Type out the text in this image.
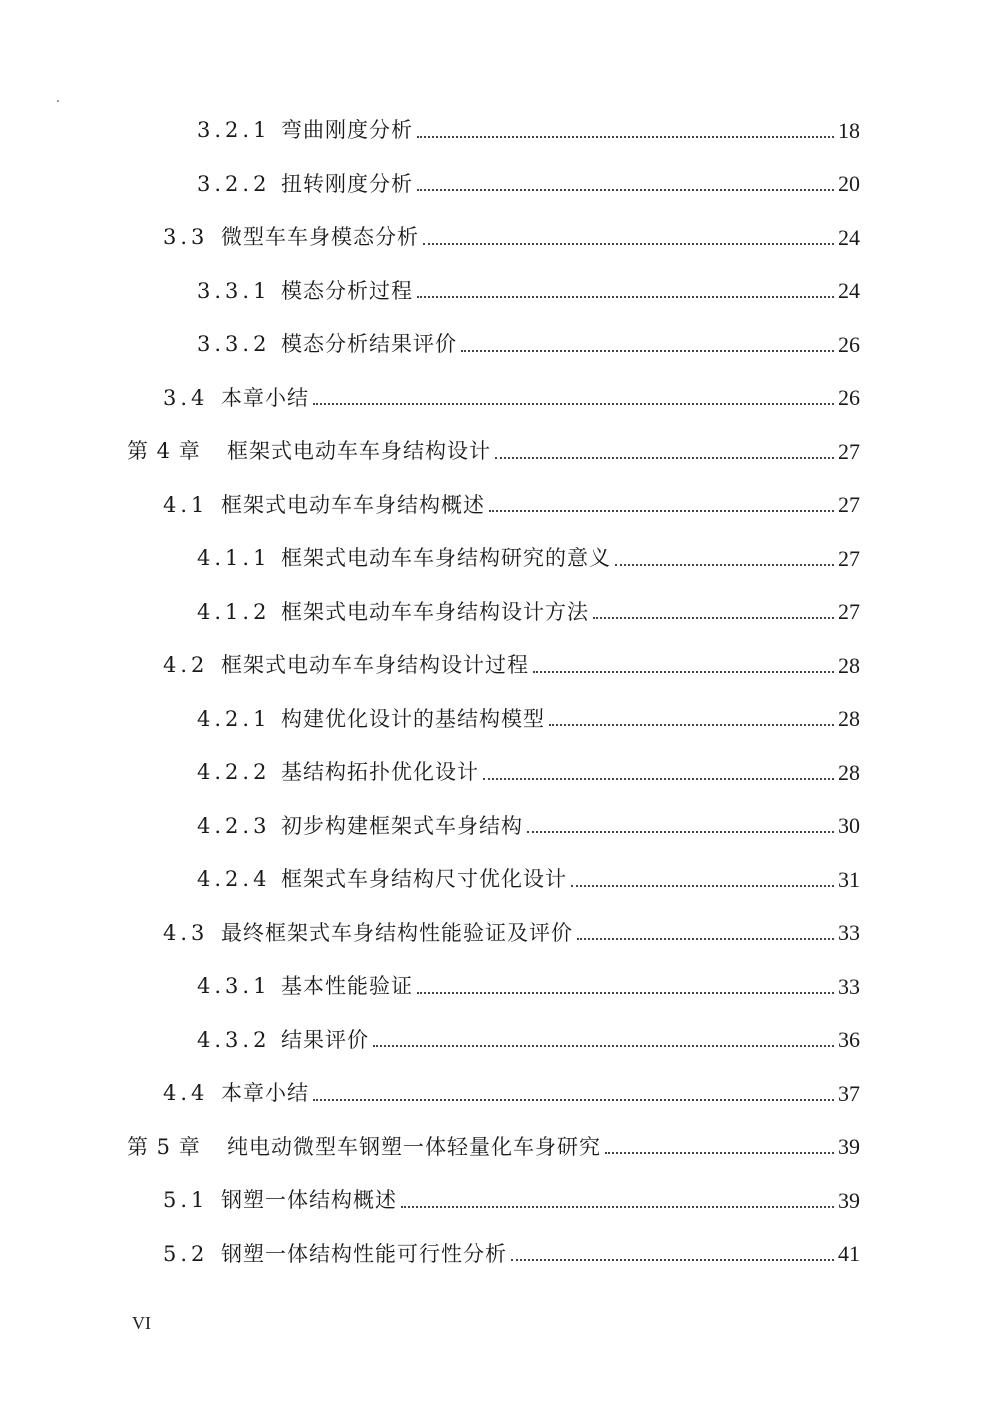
3.2.1 弯曲刚度分析	18
3.2.2 扭转刚度分析	20
3.3 微型车车身模态分析	24
3.3.1 模态分析过程	24
3.3.2 模态分析结果评价	26
3.4 本章小结	26
第 4 章	框架式电动车车身结构设计	27
4.1 框架式电动车车身结构概述	27
4.1.1 框架式电动车车身结构研究的意义	27
4.1.2 框架式电动车车身结构设计方法	27
4.2 框架式电动车车身结构设计过程	28
4.2.1 构建优化设计的基结构模型	28
4.2.2 基结构拓扑优化设计	28
4.2.3 初步构建框架式车身结构	30
4.2.4 框架式车身结构尺寸优化设计	31
4.3 最终框架式车身结构性能验证及评价	33
4.3.1 基本性能验证	33
4.3.2 结果评价	36
4.4 本章小结	37
第 5 章	纯电动微型车钢塑一体轻量化车身研究	39
5.1 钢塑一体结构概述	39
5.2 钢塑一体结构性能可行性分析	41
VI
